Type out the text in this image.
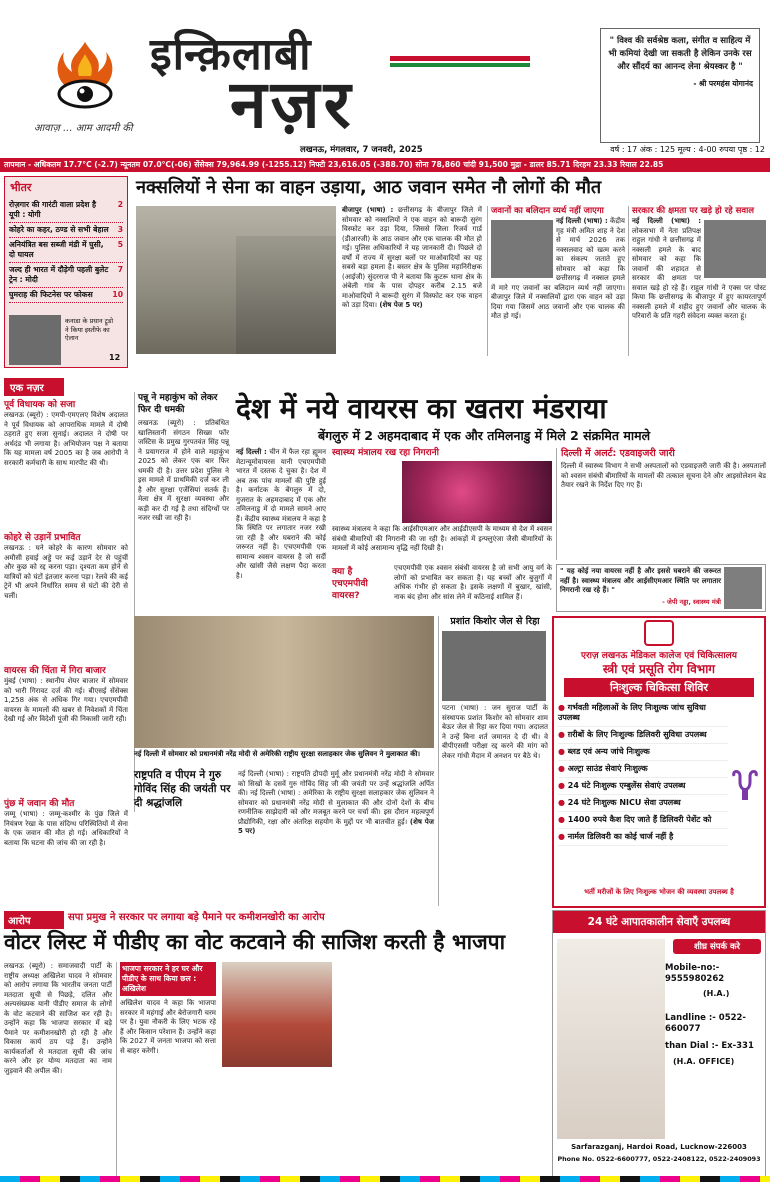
आवाज़ ... आम आदमी की
इन्क़िलाबी
नज़र
" विश्व की सर्वश्रेष्ठ कला, संगीत व साहित्य में भी कमियां देखी जा सकती है लेकिन उनके रस और सौंदर्य का आनन्द लेना श्रेयस्कर है "
- श्री परमहंस योगानंद
लखनऊ, मंगलवार, 7 जनवरी, 2025	वर्ष : 17 अंक : 125 मूल्य : 4-00 रुपया पृष्ठ : 12
तापमान - अधिकतम 17.7°C (-2.7) न्यूनतम 07.0°C(-06) सेंसेक्स 79,964.99 (-1255.12) निफ्टी 23,616.05 (-388.70) सोना 78,860 चांदी 91,500 मुद्रा - डालर 85.71 दिरहम 23.33 रियाल 22.85
भीतर
रोज़गार की गारंटी वाला प्रदेश है यूपी : योगी
2
कोहरे का कहर, ठण्ड से सभी बेहाल 3
अनियंत्रित बस सब्जी मंडी में घुसी, दो घायल
5
जल्द ही भारत में दौड़ेगी पहली बुलेट ट्रेन : मोदी
7
घुमराह की फिटनेस पर फोकस	10
कनाडा के प्रधान ट्रूडो ने किया इस्तीफे का ऐलान
12
नक्सलियों ने सेना का वाहन उड़ाया, आठ जवान समेत नौ लोगों की मौत
बीजापुर (भाषा) : छत्तीसगढ़ के बीजापुर जिले में सोमवार को नक्सलियों ने एक वाहन को बारूदी सुरंग विस्फोट कर उड़ा दिया, जिससे जिला रिजर्व गार्ड (डीआरजी) के आठ जवान और एक चालक की मौत हो गई। पुलिस अधिकारियों ने यह जानकारी दी। पिछले दो वर्षों में राज्य में सुरक्षा बलों पर माओवादियों का यह सबसे बड़ा हमला है। बस्तर क्षेत्र के पुलिस महानिरीक्षक (आईजी) सुंदरराज पी ने बताया कि कुटरू थाना क्षेत्र के अंबेली गांव के पास दोपहर करीब 2.15 बजे माओवादियों ने बारूदी सुरंग में विस्फोट कर एक वाहन को उड़ा दिया। (शेष पेज 5 पर)
जवानों का बलिदान व्यर्थ नहीं जाएगा
नई दिल्ली (भाषा) : केंद्रीय गृह मंत्री अमित शाह ने देश से मार्च 2026 तक नक्सलवाद को खत्म करने का संकल्प जताते हुए सोमवार को कहा कि छत्तीसगढ़ में नक्सल हमले में मारे गए जवानों का बलिदान व्यर्थ नहीं जाएगा। बीजापुर जिले में नक्सलियों द्वारा एक वाहन को उड़ा दिया गया जिसमें आठ जवानों और एक चालक की मौत हो गई।
सरकार की क्षमता पर खड़े हो रहे सवाल
नई दिल्ली (भाषा) : लोकसभा में नेता प्रतिपक्ष राहुल गांधी ने छत्तीसगढ़ में नक्सली हमले के बाद सोमवार को कहा कि जवानों की शहादत से सरकार की क्षमता पर सवाल खड़े हो रहे हैं। राहुल गांधी ने एक्स पर पोस्ट किया कि छत्तीसगढ़ के बीजापुर में हुए कायरतापूर्ण नक्सली हमले में शहीद हुए जवानों और चालक के परिवारों के प्रति गहरी संवेदना व्यक्त करता हूं।
एक नज़र
पूर्व विधायक को सजा
लखनऊ (ब्यूरो) : एमपी-एमएलए विशेष अदालत ने पूर्व विधायक को आपराधिक मामले में दोषी ठहराते हुए सजा सुनाई। अदालत ने दोषी पर अर्थदंड भी लगाया है। अभियोजन पक्ष ने बताया कि यह मामला वर्ष 2005 का है जब आरोपी ने सरकारी कर्मचारी के साथ मारपीट की थी।
कोहरे से उड़ानें प्रभावित
लखनऊ : घने कोहरे के कारण सोमवार को अमौसी हवाई अड्डे पर कई उड़ानें देर से पहुंचीं और कुछ को रद्द करना पड़ा। दृश्यता कम होने से यात्रियों को घंटों इंतजार करना पड़ा। रेलवे की कई ट्रेनें भी अपने निर्धारित समय से घंटों की देरी से चलीं।
वायरस की चिंता में गिरा बाजार
मुंबई (भाषा) : स्थानीय शेयर बाजार में सोमवार को भारी गिरावट दर्ज की गई। बीएसई सेंसेक्स 1,258 अंक से अधिक गिर गया। एचएमपीवी वायरस के मामलों की खबर से निवेशकों में चिंता देखी गई और विदेशी पूंजी की निकासी जारी रही।
पुंछ में जवान की मौत
जम्मू (भाषा) : जम्मू-कश्मीर के पुंछ जिले में नियंत्रण रेखा के पास संदिग्ध परिस्थितियों में सेना के एक जवान की मौत हो गई। अधिकारियों ने बताया कि घटना की जांच की जा रही है।
पन्नू ने महाकुंभ को लेकर फिर दी धमकी
लखनऊ (ब्यूरो) : प्रतिबंधित खालिस्तानी संगठन सिख्स फॉर जस्टिस के प्रमुख गुरपतवंत सिंह पन्नू ने प्रयागराज में होने वाले महाकुंभ 2025 को लेकर एक बार फिर धमकी दी है। उत्तर प्रदेश पुलिस ने इस मामले में प्राथमिकी दर्ज कर ली है और सुरक्षा एजेंसियां सतर्क हैं। मेला क्षेत्र में सुरक्षा व्यवस्था और कड़ी कर दी गई है तथा संदिग्धों पर नजर रखी जा रही है।
देश में नये वायरस का खतरा मंडराया
बेंगलुरु में 2 अहमदाबाद में एक और तमिलनाडु में मिले 2 संक्रमित मामले
नई दिल्ली : चीन में फैल रहा ह्यूमन मेटान्यूमोवायरस यानी एचएमपीवी भारत में दस्तक दे चुका है। देश में अब तक पांच मामलों की पुष्टि हुई है। कर्नाटक के बेंगलुरु में दो, गुजरात के अहमदाबाद में एक और तमिलनाडु में दो मामले सामने आए हैं। केंद्रीय स्वास्थ्य मंत्रालय ने कहा है कि स्थिति पर लगातार नजर रखी जा रही है और घबराने की कोई जरूरत नहीं है। एचएमपीवी एक सामान्य श्वसन वायरस है जो सर्दी और खांसी जैसे लक्षण पैदा करता है।
स्वास्थ्य मंत्रालय रख रहा निगरानी
स्वास्थ्य मंत्रालय ने कहा कि आईसीएमआर और आईडीएसपी के माध्यम से देश में श्वसन संबंधी बीमारियों की निगरानी की जा रही है। आंकड़ों में इन्फ्लुएंजा जैसी बीमारियों के मामलों में कोई असामान्य वृद्धि नहीं दिखी है।
दिल्ली में अलर्ट: एडवाइजरी जारी
दिल्ली में स्वास्थ्य विभाग ने सभी अस्पतालों को एडवाइजरी जारी की है। अस्पतालों को श्वसन संबंधी बीमारियों के मामलों की तत्काल सूचना देने और आइसोलेशन बेड तैयार रखने के निर्देश दिए गए हैं।
क्या है एचएमपीवी वायरस?
एचएमपीवी एक श्वसन संबंधी वायरस है जो सभी आयु वर्ग के लोगों को प्रभावित कर सकता है। यह बच्चों और बुजुर्गों में अधिक गंभीर हो सकता है। इसके लक्षणों में बुखार, खांसी, नाक बंद होना और सांस लेने में कठिनाई शामिल हैं।
" यह कोई नया वायरस नहीं है और इससे घबराने की जरूरत नहीं है। स्वास्थ्य मंत्रालय और आईसीएमआर स्थिति पर लगातार निगरानी रख रहे हैं। "
- जेपी नड्डा, स्वास्थ्य मंत्री
नई दिल्ली में सोमवार को प्रधानमंत्री नरेंद्र मोदी से अमेरिकी राष्ट्रीय सुरक्षा सलाहकार जेक सुलिवन ने मुलाकात की।
प्रशांत किशोर जेल से रिहा
पटना (भाषा) : जन सुराज पार्टी के संस्थापक प्रशांत किशोर को सोमवार शाम बेऊर जेल से रिहा कर दिया गया। अदालत ने उन्हें बिना शर्त जमानत दे दी थी। वे बीपीएससी परीक्षा रद्द करने की मांग को लेकर गांधी मैदान में अनशन पर बैठे थे।
राष्ट्रपति व पीएम ने गुरु गोविंद सिंह की जयंती पर दी श्रद्धांजलि
नई दिल्ली (भाषा) : राष्ट्रपति द्रौपदी मुर्मू और प्रधानमंत्री नरेंद्र मोदी ने सोमवार को सिखों के दसवें गुरु गोविंद सिंह जी की जयंती पर उन्हें श्रद्धांजलि अर्पित की। नई दिल्ली (भाषा) : अमेरिका के राष्ट्रीय सुरक्षा सलाहकार जेक सुलिवन ने सोमवार को प्रधानमंत्री नरेंद्र मोदी से मुलाकात की और दोनों देशों के बीच रणनीतिक साझेदारी को और मजबूत करने पर चर्चा की। इस दौरान महत्वपूर्ण प्रौद्योगिकी, रक्षा और अंतरिक्ष सहयोग के मुद्दों पर भी बातचीत हुई। (शेष पेज 5 पर)
एराज़ लखनऊ मेडिकल कालेज एवं चिकित्सालय
स्त्री एवं प्रसूति रोग विभाग
निःशुल्क चिकित्सा शिविर
● गर्भवती महिलाओं के लिए निःशुल्क जांच सुविधा उपलब्ध
● ग़रीबों के लिए निःशुल्क डिलिवरी सुविधा उपलब्ध
● ब्लड एवं अन्य जांचे निःशुल्क
● अल्ट्रा साउंड सेवाएं निःशुल्क
● 24 घंटे निःशुल्क एम्बुलेंस सेवाएं उपलब्ध
● 24 घंटे निःशुल्क NICU सेवा उपलब्ध
● 1400 रुपये कैश दिए जाते हैं डिलिवरी पेशेंट को
● नार्मल डिलिवरी का कोई चार्ज नहीं है
भर्ती मरीजों के लिए निःशुल्क भोजन की व्यवस्था उपलब्ध है
आरोप	सपा प्रमुख ने सरकार पर लगाया बड़े पैमाने पर कमीशनखोरी का आरोप
वोटर लिस्ट में पीडीए का वोट कटवाने की साजिश करती है भाजपा
लखनऊ (ब्यूरो) : समाजवादी पार्टी के राष्ट्रीय अध्यक्ष अखिलेश यादव ने सोमवार को आरोप लगाया कि भारतीय जनता पार्टी मतदाता सूची से पिछड़े, दलित और अल्पसंख्यक यानी पीडीए समाज के लोगों के वोट कटवाने की साजिश कर रही है। उन्होंने कहा कि भाजपा सरकार में बड़े पैमाने पर कमीशनखोरी हो रही है और विकास कार्य ठप पड़े हैं। उन्होंने कार्यकर्ताओं से मतदाता सूची की जांच करने और हर योग्य मतदाता का नाम जुड़वाने की अपील की।
भाजपा सरकार ने हर घर और पीडीए के साथ किया छल : अखिलेश
अखिलेश यादव ने कहा कि भाजपा सरकार में महंगाई और बेरोजगारी चरम पर है। युवा नौकरी के लिए भटक रहे हैं और किसान परेशान हैं। उन्होंने कहा कि 2027 में जनता भाजपा को सत्ता से बाहर करेगी।
24 घंटे आपातकालीन सेवाएँ उपलब्ध
शीघ्र संपर्क करे
Mobile-no:- 9555980262
(H.A.)
Landline :- 0522-660077
than Dial :- Ex-331
(H.A. OFFICE)
Sarfarazganj, Hardoi Road, Lucknow-226003
Phone No. 0522-6600777, 0522-2408122, 0522-2409093
